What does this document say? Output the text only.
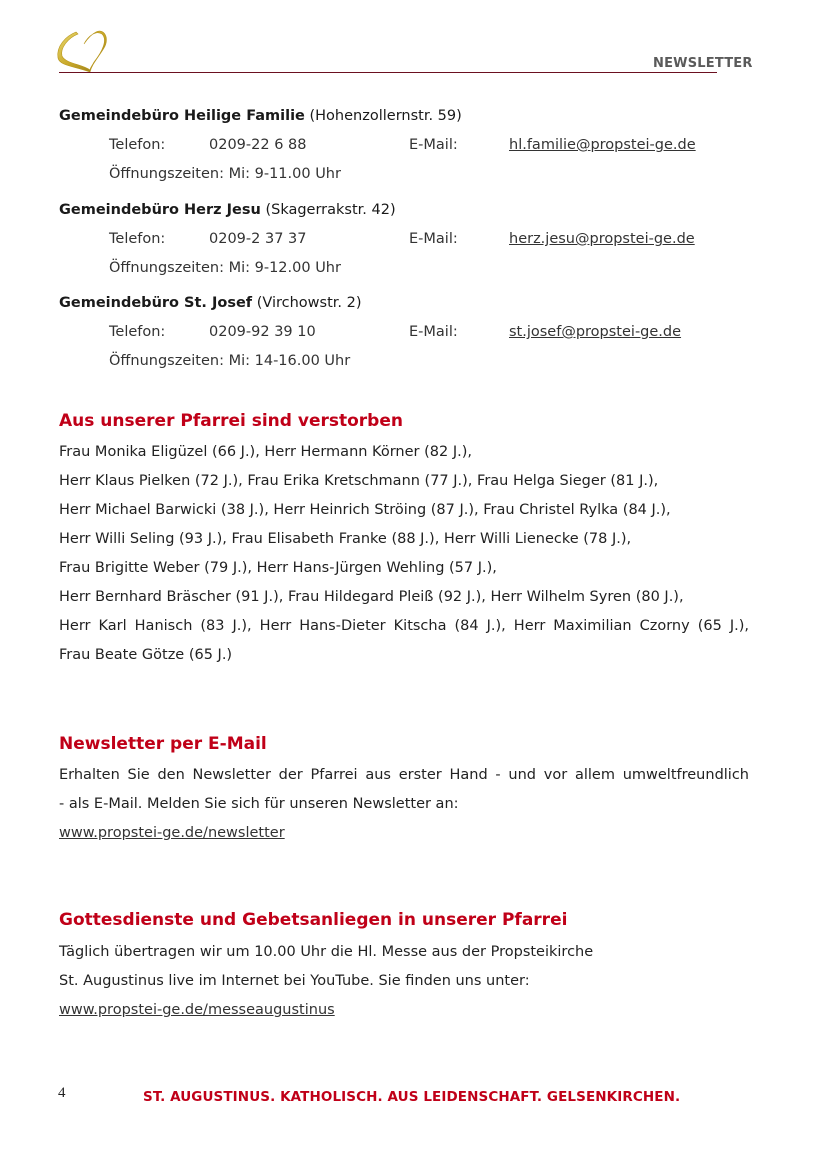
NEWSLETTER
Gemeindebüro Heilige Familie (Hohenzollernstr. 59)
Telefon:	0209-22 6 88	E-Mail:	hl.familie@propstei-ge.de
Öffnungszeiten: Mi: 9-11.00 Uhr
Gemeindebüro Herz Jesu (Skagerrakstr. 42)
Telefon:	0209-2 37 37	E-Mail:	herz.jesu@propstei-ge.de
Öffnungszeiten: Mi: 9-12.00 Uhr
Gemeindebüro St. Josef (Virchowstr. 2)
Telefon:	0209-92 39 10	E-Mail:	st.josef@propstei-ge.de
Öffnungszeiten: Mi: 14-16.00 Uhr
Aus unserer Pfarrei sind verstorben
Frau Monika Eligüzel (66 J.), Herr Hermann Körner (82 J.),
Herr Klaus Pielken (72 J.), Frau Erika Kretschmann (77 J.), Frau Helga Sieger (81 J.),
Herr Michael Barwicki (38 J.), Herr Heinrich Ströing (87 J.), Frau Christel Rylka (84 J.),
Herr Willi Seling (93 J.), Frau Elisabeth Franke (88 J.), Herr Willi Lienecke (78 J.),
Frau Brigitte Weber (79 J.), Herr Hans-Jürgen Wehling (57 J.),
Herr Bernhard Bräscher (91 J.), Frau Hildegard Pleiß (92 J.), Herr Wilhelm Syren (80 J.),
Herr Karl Hanisch (83 J.), Herr Hans-Dieter Kitscha (84 J.), Herr Maximilian Czorny (65 J.),
Frau Beate Götze (65 J.)
Newsletter per E-Mail
Erhalten Sie den Newsletter der Pfarrei aus erster Hand - und vor allem umweltfreundlich
- als E-Mail. Melden Sie sich für unseren Newsletter an:
www.propstei-ge.de/newsletter
Gottesdienste und Gebetsanliegen in unserer Pfarrei
Täglich übertragen wir um 10.00 Uhr die Hl. Messe aus der Propsteikirche
St. Augustinus live im Internet bei YouTube. Sie finden uns unter:
www.propstei-ge.de/messeaugustinus
4	ST. AUGUSTINUS. KATHOLISCH. AUS LEIDENSCHAFT. GELSENKIRCHEN.
